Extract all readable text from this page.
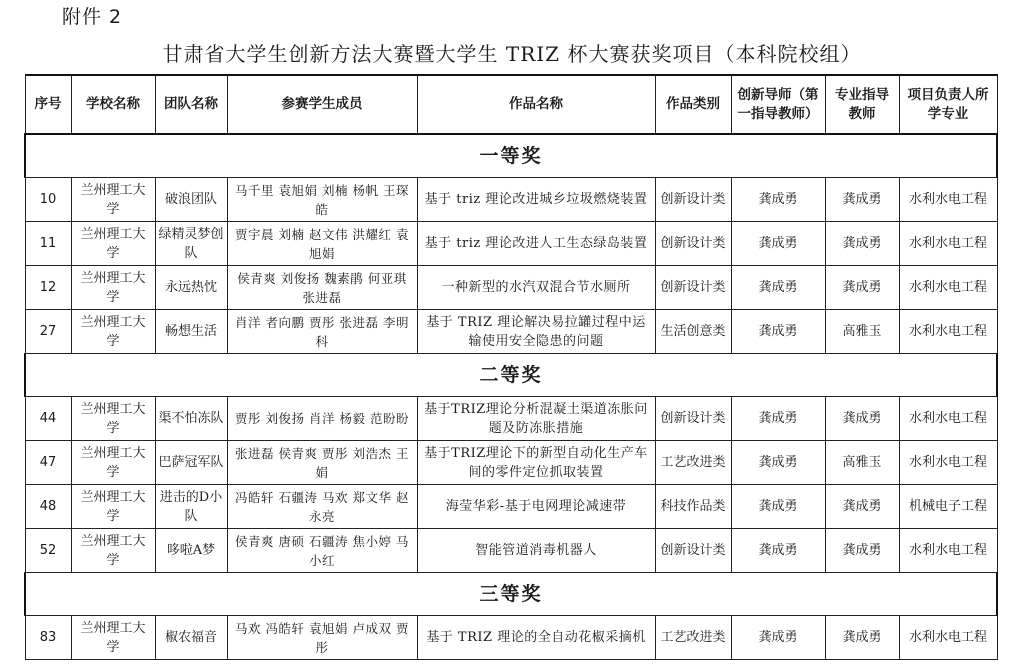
附件 2
甘肃省大学生创新方法大赛暨大学生 TRIZ 杯大赛获奖项目（本科院校组）
序号	学校名称	团队名称	参赛学生成员	作品名称	作品类别	创新导师（第一指导教师）	专业指导教师	项目负责人所学专业
一等奖								
10	兰州理工大学	破浪团队	马千里 袁旭娟 刘楠 杨帆 王琛皓	基于 triz 理论改进城乡垃圾燃烧装置	创新设计类	龚成勇	龚成勇	水利水电工程
11	兰州理工大学	绿精灵梦创队	贾宇晨 刘楠 赵文伟 洪耀红 袁旭娟	基于 triz 理论改进人工生态绿岛装置	创新设计类	龚成勇	龚成勇	水利水电工程
12	兰州理工大学	永远热忱	侯青爽 刘俊扬 魏素鹃 何亚琪 张进磊	一种新型的水汽双混合节水厕所	创新设计类	龚成勇	龚成勇	水利水电工程
27	兰州理工大学	畅想生活	肖洋 者向鹏 贾彤 张进磊 李明科	基于 TRIZ 理论解决易拉罐过程中运输使用安全隐患的问题	生活创意类	龚成勇	高雅玉	水利水电工程
二等奖								
44	兰州理工大学	渠不怕冻队	贾彤 刘俊扬 肖洋 杨毅 范盼盼	基于TRIZ理论分析混凝土渠道冻胀问题及防冻胀措施	创新设计类	龚成勇	龚成勇	水利水电工程
47	兰州理工大学	巴萨冠军队	张进磊 侯青爽 贾彤 刘浩杰 王娟	基于TRIZ理论下的新型自动化生产车间的零件定位抓取装置	工艺改进类	龚成勇	高雅玉	水利水电工程
48	兰州理工大学	进击的D小队	冯皓轩 石疆涛 马欢 郑文华 赵永亮	海莹华彩-基于电网理论减速带	科技作品类	龚成勇	龚成勇	机械电子工程
52	兰州理工大学	哆啦A梦	侯青爽 唐硕 石疆涛 焦小婷 马小红	智能管道消毒机器人	创新设计类	龚成勇	龚成勇	水利水电工程
三等奖								
83	兰州理工大学	椒农福音	马欢 冯皓轩 袁旭娟 卢成双 贾彤	基于 TRIZ 理论的全自动花椒采摘机	工艺改进类	龚成勇	龚成勇	水利水电工程
